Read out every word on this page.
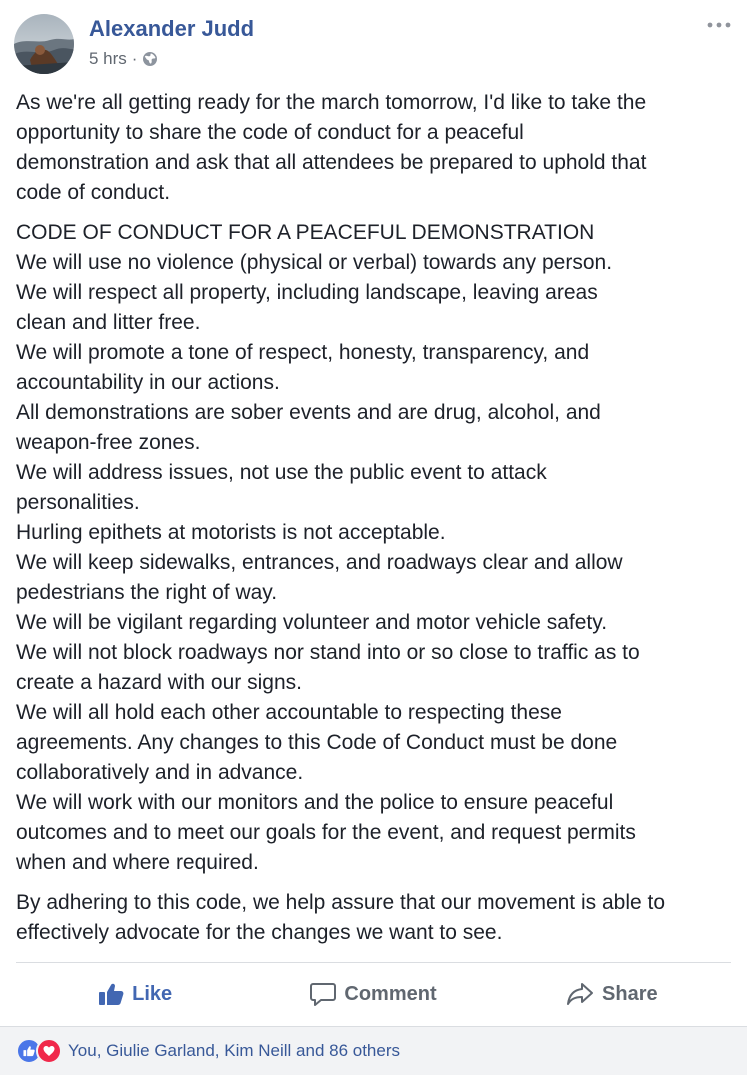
Alexander Judd
5 hrs ·
As we're all getting ready for the march tomorrow, I'd like to take the
opportunity to share the code of conduct for a peaceful
demonstration and ask that all attendees be prepared to uphold that
code of conduct.
CODE OF CONDUCT FOR A PEACEFUL DEMONSTRATION
We will use no violence (physical or verbal) towards any person.
We will respect all property, including landscape, leaving areas
clean and litter free.
We will promote a tone of respect, honesty, transparency, and
accountability in our actions.
All demonstrations are sober events and are drug, alcohol, and
weapon-free zones.
We will address issues, not use the public event to attack
personalities.
Hurling epithets at motorists is not acceptable.
We will keep sidewalks, entrances, and roadways clear and allow
pedestrians the right of way.
We will be vigilant regarding volunteer and motor vehicle safety.
We will not block roadways nor stand into or so close to traffic as to
create a hazard with our signs.
We will all hold each other accountable to respecting these
agreements. Any changes to this Code of Conduct must be done
collaboratively and in advance.
We will work with our monitors and the police to ensure peaceful
outcomes and to meet our goals for the event, and request permits
when and where required.
By adhering to this code, we help assure that our movement is able to
effectively advocate for the changes we want to see.
Like	Comment	Share
You, Giulie Garland, Kim Neill and 86 others
